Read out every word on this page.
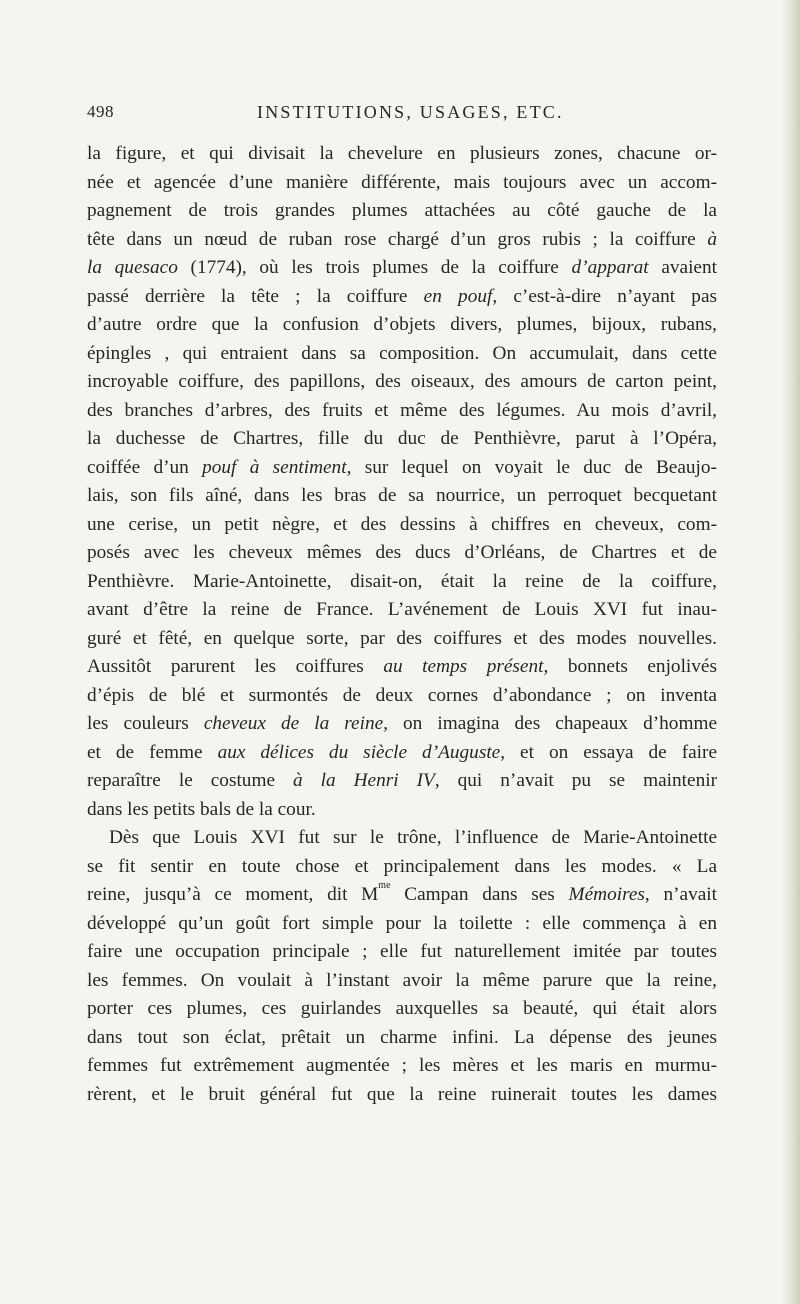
498	INSTITUTIONS, USAGES, ETC.
la figure, et qui divisait la chevelure en plusieurs zones, chacune or-
née et agencée d’une manière différente, mais toujours avec un accom-
pagnement de trois grandes plumes attachées au côté gauche de la
tête dans un nœud de ruban rose chargé d’un gros rubis ; la coiffure à
la quesaco (1774), où les trois plumes de la coiffure d’apparat avaient
passé derrière la tête ; la coiffure en pouf, c’est-à-dire n’ayant pas
d’autre ordre que la confusion d’objets divers, plumes, bijoux, rubans,
épingles , qui entraient dans sa composition. On accumulait, dans cette
incroyable coiffure, des papillons, des oiseaux, des amours de carton peint,
des branches d’arbres, des fruits et même des légumes. Au mois d’avril,
la duchesse de Chartres, fille du duc de Penthièvre, parut à l’Opéra,
coiffée d’un pouf à sentiment, sur lequel on voyait le duc de Beaujo-
lais, son fils aîné, dans les bras de sa nourrice, un perroquet becquetant
une cerise, un petit nègre, et des dessins à chiffres en cheveux, com-
posés avec les cheveux mêmes des ducs d’Orléans, de Chartres et de
Penthièvre. Marie-Antoinette, disait-on, était la reine de la coiffure,
avant d’être la reine de France. L’avénement de Louis XVI fut inau-
guré et fêté, en quelque sorte, par des coiffures et des modes nouvelles.
Aussitôt parurent les coiffures au temps présent, bonnets enjolivés
d’épis de blé et surmontés de deux cornes d’abondance ; on inventa
les couleurs cheveux de la reine, on imagina des chapeaux d’homme
et de femme aux délices du siècle d’Auguste, et on essaya de faire
reparaître le costume à la Henri IV, qui n’avait pu se maintenir
dans les petits bals de la cour.
Dès que Louis XVI fut sur le trône, l’influence de Marie-Antoinette
se fit sentir en toute chose et principalement dans les modes. « La
reine, jusqu’à ce moment, dit $M^{me}$ Campan dans ses Mémoires, n’avait
développé qu’un goût fort simple pour la toilette : elle commença à en
faire une occupation principale ; elle fut naturellement imitée par toutes
les femmes. On voulait à l’instant avoir la même parure que la reine,
porter ces plumes, ces guirlandes auxquelles sa beauté, qui était alors
dans tout son éclat, prêtait un charme infini. La dépense des jeunes
femmes fut extrêmement augmentée ; les mères et les maris en murmu-
rèrent, et le bruit général fut que la reine ruinerait toutes les dames
